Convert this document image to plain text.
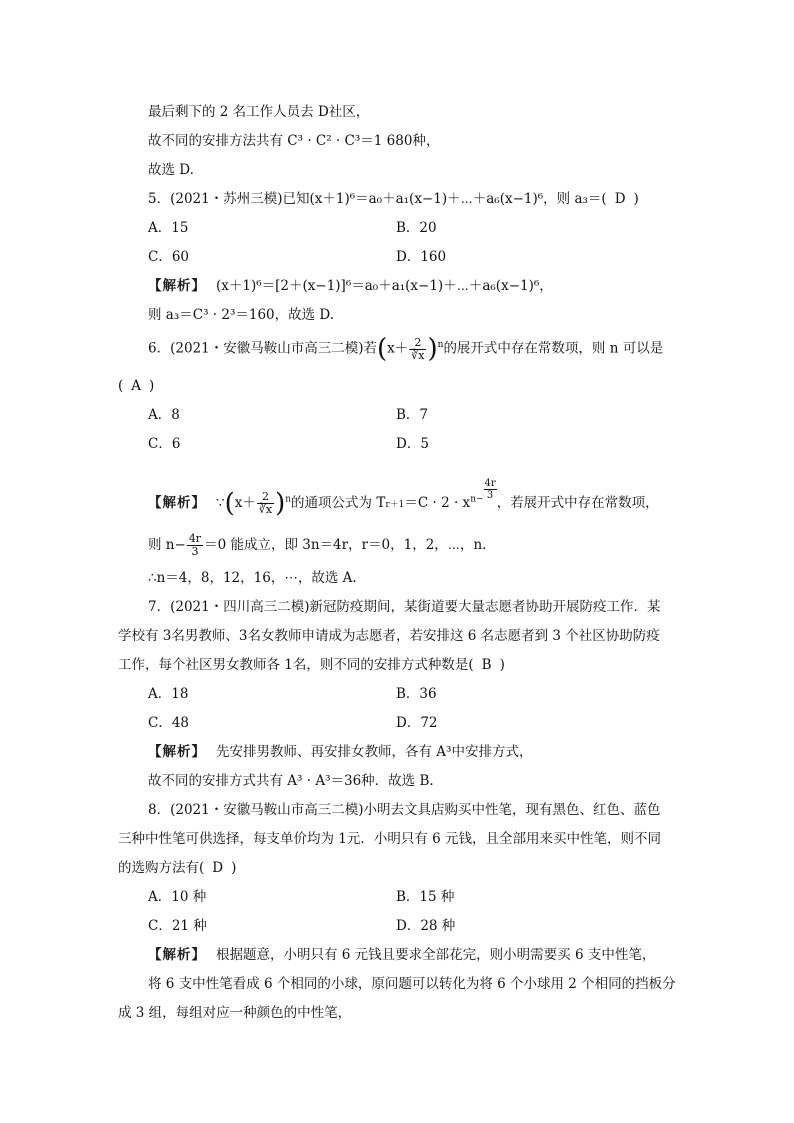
最后剩下的 2 名工作人员去 D社区，
故不同的安排方法共有 C³ · C² · C³＝1 680种，
故选 D.
5．(2021・苏州三模)已知(x＋1)⁶＝a₀＋a₁(x−1)＋⋯＋a₆(x−1)⁶，则 a₃＝( D )
A．15	B．20
C．60	D．160
【解析】 (x＋1)⁶＝[2＋(x−1)]⁶＝a₀＋a₁(x−1)＋⋯＋a₆(x−1)⁶，
则 a₃＝C³ · 2³＝160，故选 D.
6．(2021・安徽马鞍山市高三二模)若$(x+ \frac{2}{∛x} )^n$的展开式中存在常数项，则 n 可以是
( A )
A．8	B．7
C．6	D．5
【解析】 ∵(x＋ $\frac{2}{∛x} )^n$的通项公式为 $Tr+1=C \cdot 2 \cdot x^{n-} \frac{4r}{3}$
，若展开式中存在常数项，
则 $n- \frac{4r}{3} =0$ 能成立，即 3n＝4r，r＝0，1，2，⋯，n.
∴n＝4，8，12，16，⋯，故选 A.
7．(2021・四川高三二模)新冠防疫期间，某街道要大量志愿者协助开展防疫工作．某
学校有 3名男教师、3名女教师申请成为志愿者，若安排这 6 名志愿者到 3 个社区协助防疫
工作，每个社区男女教师各 1名，则不同的安排方式种数是( B )
A．18	B．36
C．48	D．72
【解析】 先安排男教师、再安排女教师，各有 A³中安排方式，
故不同的安排方式共有 A³ · A³＝36种．故选 B.
8．(2021・安徽马鞍山市高三二模)小明去文具店购买中性笔，现有黑色、红色、蓝色
三种中性笔可供选择，每支单价均为 1元．小明只有 6 元钱，且全部用来买中性笔，则不同
的选购方法有( D )
A．10 种	B．15 种
C．21 种	D．28 种
【解析】 根据题意，小明只有 6 元钱且要求全部花完，则小明需要买 6 支中性笔，
将 6 支中性笔看成 6 个相同的小球，原问题可以转化为将 6 个小球用 2 个相同的挡板分
成 3 组，每组对应一种颜色的中性笔，
